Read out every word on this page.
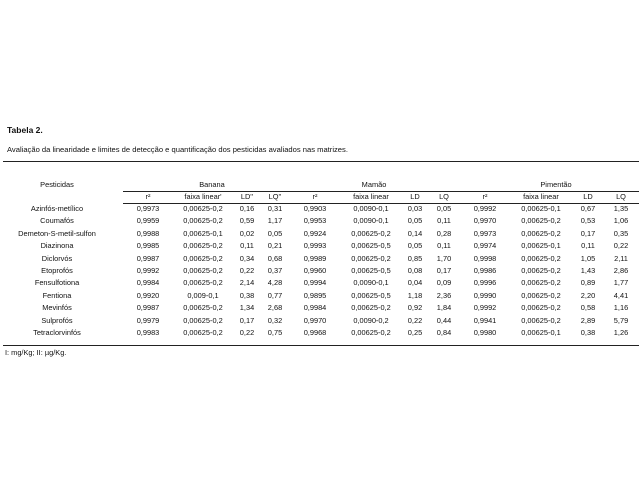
Tabela 2.
Avaliação da linearidade e limites de detecção e quantificação dos pesticidas avaliados nas matrizes.
Pesticidas	Banana	Mamão	Pimentão
r²	faixa linear'	LD''	LQ''	r²	faixa linear	LD	LQ	r²	faixa linear	LD	LQ
Azinfós-metílico	0,9973	0,00625-0,2	0,16	0,31	0,9903	0,0090-0,1	0,03	0,05	0,9992	0,00625-0,1	0,67	1,35
Coumafós	0,9959	0,00625-0,2	0,59	1,17	0,9953	0,0090-0,1	0,05	0,11	0,9970	0,00625-0,2	0,53	1,06
Demeton-S-metil-sulfon	0,9988	0,00625-0,1	0,02	0,05	0,9924	0,00625-0,2	0,14	0,28	0,9973	0,00625-0,2	0,17	0,35
Diazinona	0,9985	0,00625-0,2	0,11	0,21	0,9993	0,00625-0,5	0,05	0,11	0,9974	0,00625-0,1	0,11	0,22
Diclorvós	0,9987	0,00625-0,2	0,34	0,68	0,9989	0,00625-0,2	0,85	1,70	0,9998	0,00625-0,2	1,05	2,11
Etoprofós	0,9992	0,00625-0,2	0,22	0,37	0,9960	0,00625-0,5	0,08	0,17	0,9986	0,00625-0,2	1,43	2,86
Fensulfotiona	0,9984	0,00625-0,2	2,14	4,28	0,9994	0,0090-0,1	0,04	0,09	0,9996	0,00625-0,2	0,89	1,77
Fentiona	0,9920	0,009-0,1	0,38	0,77	0,9895	0,00625-0,5	1,18	2,36	0,9990	0,00625-0,2	2,20	4,41
Mevinfós	0,9987	0,00625-0,2	1,34	2,68	0,9984	0,00625-0,2	0,92	1,84	0,9992	0,00625-0,2	0,58	1,16
Sulprofós	0,9979	0,00625-0,2	0,17	0,32	0,9970	0,0090-0,2	0,22	0,44	0,9941	0,00625-0,2	2,89	5,79
Tetraclorvinfós	0,9983	0,00625-0,2	0,22	0,75	0,9968	0,00625-0,2	0,25	0,84	0,9980	0,00625-0,1	0,38	1,26
I: mg/Kg; II: µg/Kg.
